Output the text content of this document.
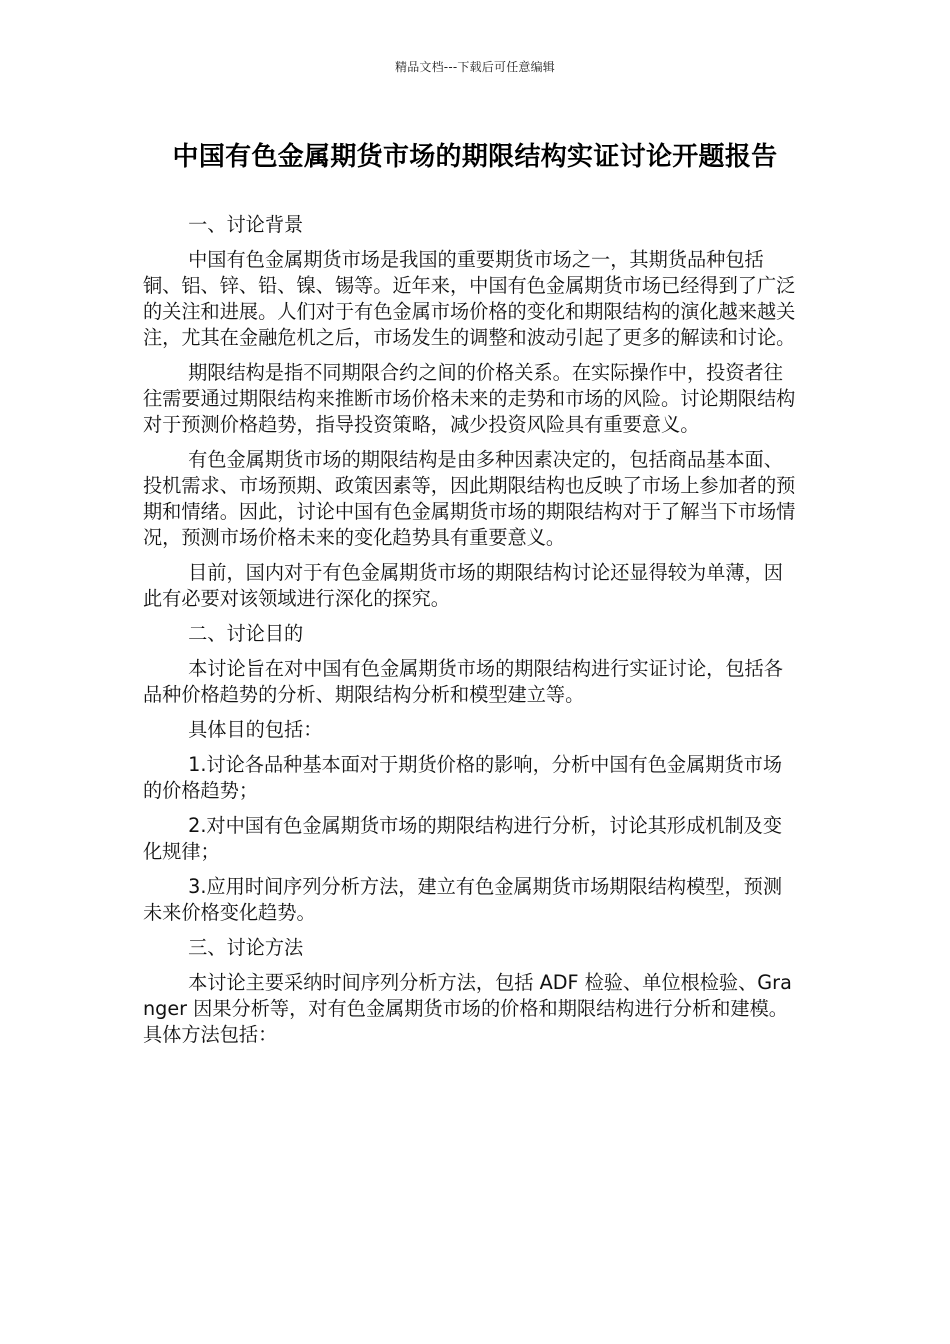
精品文档---下载后可任意编辑
中国有色金属期货市场的期限结构实证讨论开题报告

一、讨论背景

中国有色金属期货市场是我国的重要期货市场之一，其期货品种包括铜、铝、锌、铅、镍、锡等。近年来，中国有色金属期货市场已经得到了广泛的关注和进展。人们对于有色金属市场价格的变化和期限结构的演化越来越关注，尤其在金融危机之后，市场发生的调整和波动引起了更多的解读和讨论。

期限结构是指不同期限合约之间的价格关系。在实际操作中，投资者往往需要通过期限结构来推断市场价格未来的走势和市场的风险。讨论期限结构对于预测价格趋势，指导投资策略，减少投资风险具有重要意义。

有色金属期货市场的期限结构是由多种因素决定的，包括商品基本面、投机需求、市场预期、政策因素等，因此期限结构也反映了市场上参加者的预期和情绪。因此，讨论中国有色金属期货市场的期限结构对于了解当下市场情况，预测市场价格未来的变化趋势具有重要意义。

目前，国内对于有色金属期货市场的期限结构讨论还显得较为单薄，因此有必要对该领域进行深化的探究。

二、讨论目的

本讨论旨在对中国有色金属期货市场的期限结构进行实证讨论，包括各品种价格趋势的分析、期限结构分析和模型建立等。

具体目的包括：

1.讨论各品种基本面对于期货价格的影响，分析中国有色金属期货市场的价格趋势；

2.对中国有色金属期货市场的期限结构进行分析，讨论其形成机制及变化规律；

3.应用时间序列分析方法，建立有色金属期货市场期限结构模型，预测未来价格变化趋势。

三、讨论方法

本讨论主要采纳时间序列分析方法，包括 ADF 检验、单位根检验、Granger 因果分析等，对有色金属期货市场的价格和期限结构进行分析和建模。具体方法包括：
